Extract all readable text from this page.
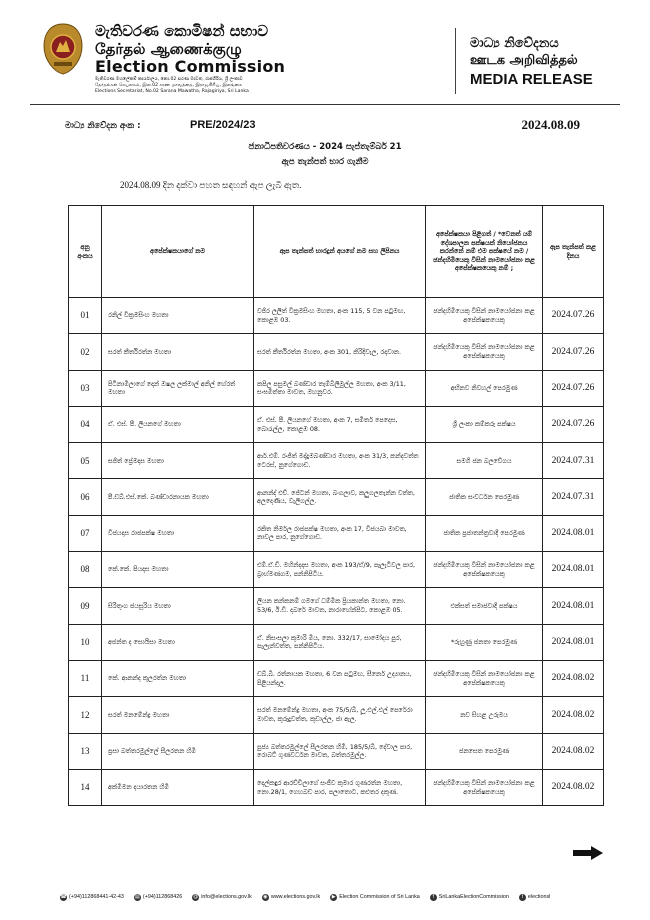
මැතිවරණ කොමිෂන් සභාව
தேர்தல் ஆணைக்குழு
Election Commission
මැතිවරණ මහලේකම් කාර්යාලය, නො.02 සරණ මාවත, රාජගිරිය, ශ්‍රී ලංකාව
தேர்தல்கள் செயலகம், இல.02 சரண மாவத்தை, இராஜகிரிய, இலங்கை
Elections Secretariat, No.02 Sarana Mawatha, Rajagiriya, Sri Lanka
මාධ්‍ය නිවේදනය
ஊடக அறிவித்தல்
MEDIA RELEASE
මාධ්‍ය නිවේදන අංක :	PRE/2024/23	2024.08.09
ජනාධිපතිවරණය - 2024 සැප්තැම්බර් 21
ඇප තැන්පත් භාර ගැනීම
2024.08.09 දින දක්වා පහත සඳහන් ඇප ලැබී ඇත.
අනු අංකය	අපේක්ෂකයාගේ නම	ඇප තැන්පත් භාරදුන් අයගේ නම සහ ලිපිනය	අපේක්ෂකයා පිළිගත් / *වෙනත් යම් දේශපාලන පක්ෂයක් නියෝජනය කරන්නේ නම් එම පක්ෂයේ නම / ඡන්දහිමියෙකු විසින් නාමයෝජනා කළ අපේක්ෂකයෙකු නම් ;	ඇප තැන්පත් කළ දිනය
01	රනිල් වික්‍රමසිංහ මහතා	වජිර ලලිත් වික්‍රමසිංහ මහතා, අංක 115, 5 වන පටුමඟ, කොළඹ 03.	ඡන්දහිමියෙකු විසින් නාමයෝජනා කළ අපේක්ෂකයෙකු	2024.07.26
02	සරත් කීර්තිරත්න මහතා	සරත් කීර්තිරත්න මහතා, අංක 301, කිරිදිවැල, රදාවාන.	ඡන්දහිමියෙකු විසින් නාමයෝජනා කළ අපේක්ෂකයෙකු	2024.07.26
03	පිටිනාමිලාගේ දොන් ඔෂල ලක්මාල් අනිල් හේරත් මහතා	කපිල පසුමල් බණ්ඩාර තැම්බිලිමුල්ල මහතා, අංක 3/11, සංඝමිත්තා මාවත, මහනුවර.	අභිනව නිවහල් පෙරමුණ	2024.07.26
04	ඒ. එස්. පී. ලියනගේ මහතා	ඒ. එස්. පී. ලියනගේ මහතා, අංක 7, සමිතර් පෙදෙස, බොරැල්ල, කොළඹ 08.	ශ්‍රී ලංකා කම්කරු පක්ෂය	2024.07.26
05	සජිත් ප්‍රේමදාස මහතා	ආර්.එම්. රංජිත් මද්දුමබණ්ඩාර මහතා, අංක 31/3, කන්දවත්ත ටෙරස්, නුගේගොඩ.	සමගි ජන බලවේගය	2024.07.31
06	පී.ඩබ්.එස්.කේ. බණ්ඩාරනායක මහතා	ආනන්ද් එච්. ජේටන් මහතා, බංගලාව, කලුගලතැන්න වත්ත, අලදෙණිය, වැලිගල්ල.	ජාතික සංවර්ධන පෙරමුණ	2024.07.31
07	විජයදාස රාජපක්ෂ මහතා	රකිත නිර්මල රාජපක්ෂ මහතා, අංක 17, විජයබා මාවත, නාවල පාර, නුගේගොඩ.	ජාතික ප්‍රජාතන්ත්‍රවාදී පෙරමුණ	2024.08.01
08	කේ.කේ. පියදාස මහතා	එම්.ඒ.ඩී. මහින්දදාස මහතා, අංක 193/ඒ/9, පෑලැටිවල පාර, බ්‍රාහ්මණගම, පන්නිපිටිය.	ඡන්දහිමියෙකු විසින් නාමයෝජනා කළ අපේක්ෂකයෙකු	2024.08.01
09	සිරිතුංග ජයසූරිය මහතා	ලියන කන්කනම් ගමගේ ධම්මික ප්‍රියකාන්ත මහතා, නො. 53/6, ඊ.ඩී. දබරේ මාවත, නාරාහේන්පිට, කොළඹ 05.	එක්සත් සමාජවාදී පක්ෂය	2024.08.01
10	අජන්ත ද සොයිසා මහතා	ඒ. නිසංසලා කුමාරි මිය, නො. 332/17, සාමෝදය පුර, පැලැන්වත්ත, පන්නිපිටිය.	*රුහුණු ජනතා පෙරමුණ	2024.08.01
11	කේ. ආනන්ද කුලරත්න මහතා	ඩබ්.බී. රත්නායක මහතා, 6 වන පටුමඟ, සීනෙර් උද්‍යානය, පිළියන්දල.	ඡන්දහිමියෙකු විසින් නාමයෝජනා කළ අපේක්ෂකයෙකු	2024.08.02
12	සරත් මනමේන්ද්‍ර මහතා	සරත් මනමේන්ද්‍ර මහතා, අංක 75/5/බී, ලූ.එල්.එල් පෙරේරා මාවත, කුරුදුවත්ත, කුඩාල්ල, ජා ඇල.	නව සිහළ උරුමය	2024.08.02
13	ප්‍රසා බත්තරමුල්ලේ සීලරතන හිමි	පුජ්‍ය බත්තරමුල්ලේ සීලරතන හිමි, 185/5/බී, දේවාල පාර, රොබට් ගුණවර්ධන මාවත, බත්තරමුල්ල.	ජනසෙත පෙරමුණ	2024.08.02
14	අක්මීමන දයාරතන හිමි	දෙල්කඳුර ආරච්චිලාගේ සංජීව කුමාර ගුණරත්න මහතා, නො.28/1, ගෙහබඩ පාර, පලාතොට, කළුතර දකුණ.	ඡන්දහිමියෙකු විසින් නාමයෝජනා කළ අපේක්ෂකයෙකු	2024.08.02
☎ (+94)112868441-42-43 ▤ (+94)112868426 @ info@elections.gov.lk ◉ www.elections.gov.lk	▶ Election Commission of Sri Lanka	f SriLankaElectionCommission	t electionsl
